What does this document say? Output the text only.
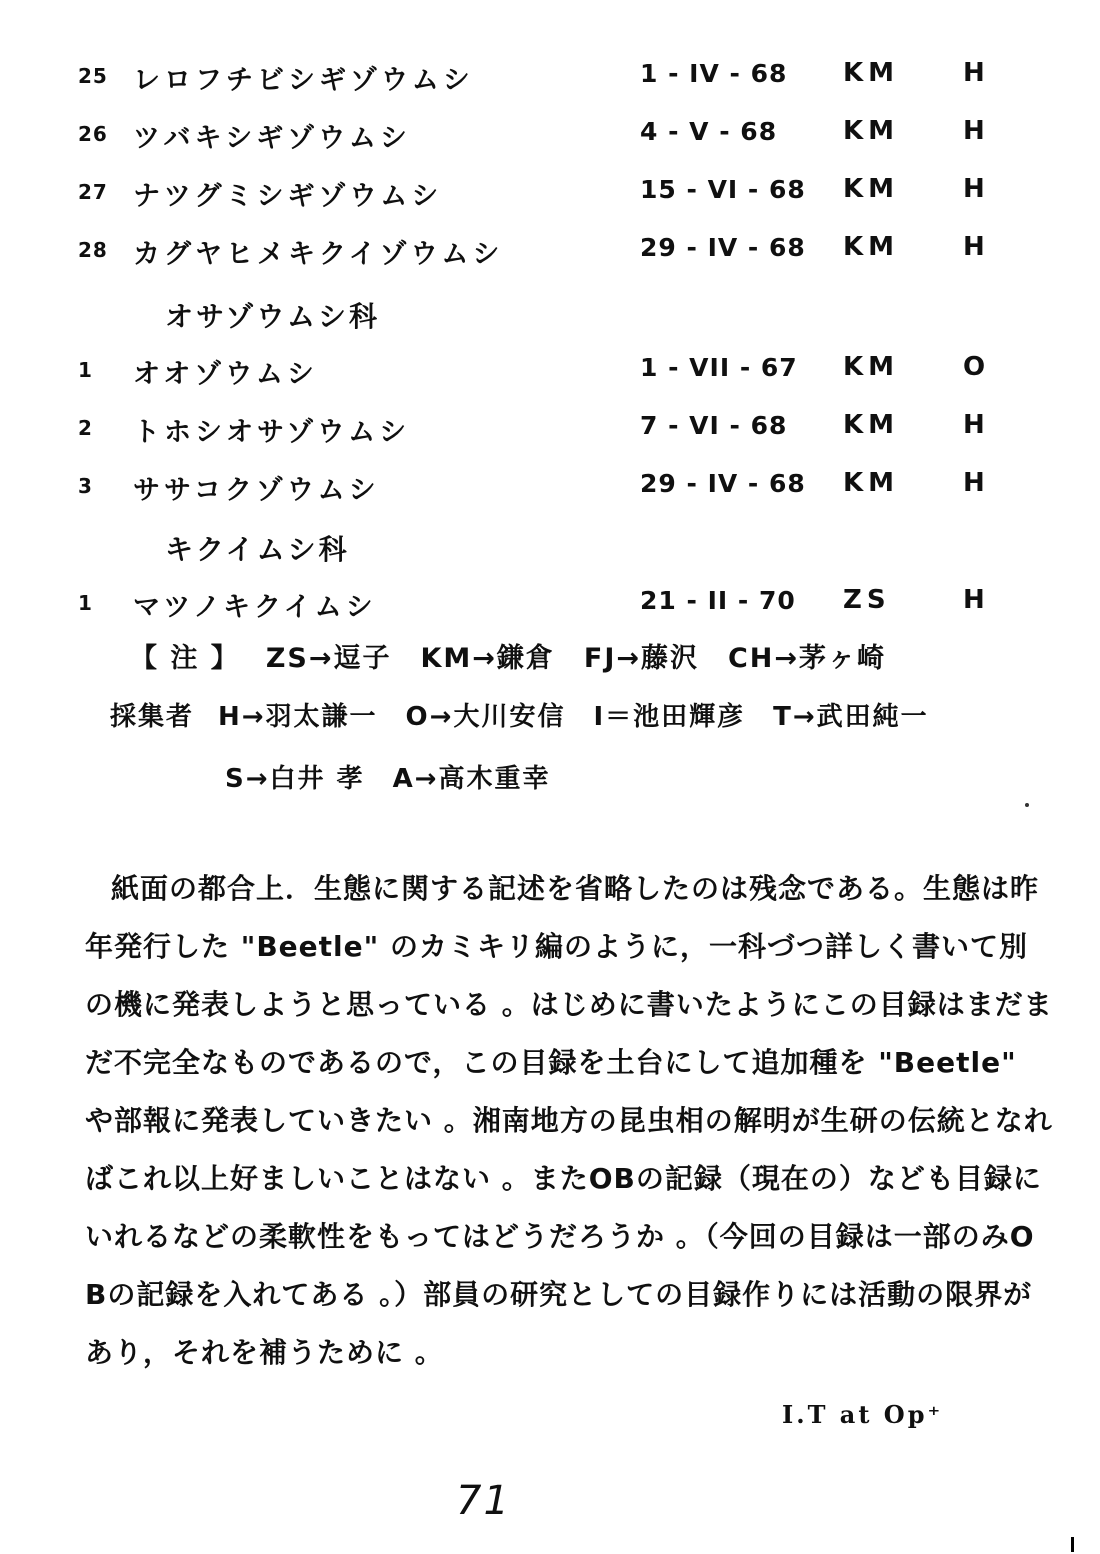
25 レロフチビシギゾウムシ	1 - IV - 68 KM H
26 ツバキシギゾウムシ	4 - V - 68	KM H
27 ナツグミシギゾウムシ	15 - VI - 68 KM H
28 カグヤヒメキクイゾウムシ	29 - IV - 68 KM H
オサゾウムシ科
1 オオゾウムシ	1 - VII - 67 KM O
2 トホシオサゾウムシ	7 - VI - 68 KM H
3 ササコクゾウムシ	29 - IV - 68 KM H
キクイムシ科
1 マツノキクイムシ	21 - II - 70 ZS	H
【 注 】 ZS→逗子　KM→鎌倉　FJ→藤沢　CH→茅ヶ崎
採集者 H→羽太謙一　O→大川安信　I＝池田輝彦　T→武田純一
S→白井 孝　A→高木重幸
紙面の都合上．生態に関する記述を省略したのは残念である。生態は昨
年発行した "Beetle" のカミキリ編のように，一科づつ詳しく書いて別
の機に発表しようと思っている 。はじめに書いたようにこの目録はまだま
だ不完全なものであるので，この目録を土台にして追加種を "Beetle"
や部報に発表していきたい 。湘南地方の昆虫相の解明が生研の伝統となれ
ばこれ以上好ましいことはない 。またOBの記録（現在の）なども目録に
いれるなどの柔軟性をもってはどうだろうか 。（今回の目録は一部のみO
Bの記録を入れてある 。）部員の研究としての目録作りには活動の限界が
あり，それを補うために 。
I.T at Op⁺
71
